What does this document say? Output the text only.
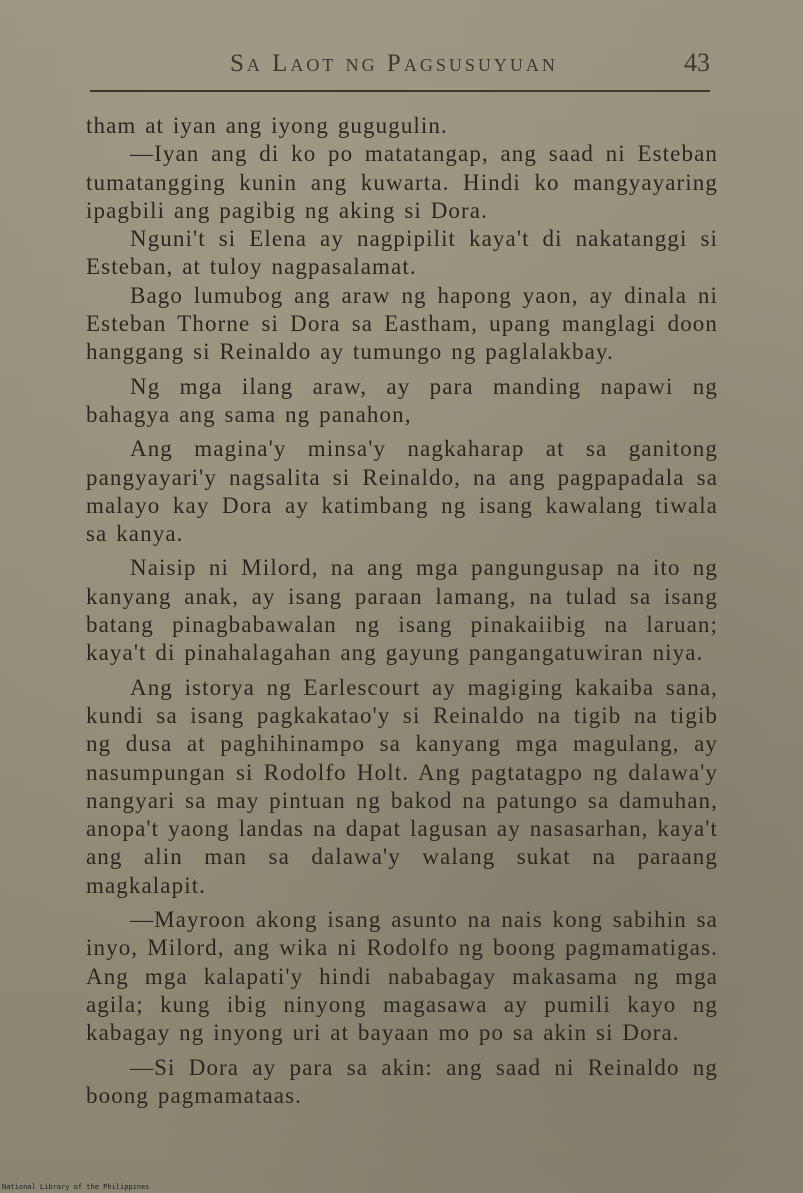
Sa Laot ng Pagsusuyuan	43

tham at iyan ang iyong gugugulin.

—Iyan ang di ko po matatangap, ang saad ni Esteban tumatangging kunin ang kuwarta. Hindi ko mangyayaring ipagbili ang pagibig ng aking si Dora.

Nguni't si Elena ay nagpipilit kaya't di nakatanggi si Esteban, at tuloy nagpasalamat.

Bago lumubog ang araw ng hapong yaon, ay dinala ni Esteban Thorne si Dora sa Eastham, upang manglagi doon hanggang si Reinaldo ay tumungo ng paglalakbay.

Ng mga ilang araw, ay para manding napawi ng bahagya ang sama ng panahon,

Ang magina'y minsa'y nagkaharap at sa ganitong pangyayari'y nagsalita si Reinaldo, na ang pagpapadala sa malayo kay Dora ay katimbang ng isang kawalang tiwala sa kanya.

Naisip ni Milord, na ang mga pangungusap na ito ng kanyang anak, ay isang paraan lamang, na tulad sa isang batang pinagbabawalan ng isang pinakaiibig na laruan; kaya't di pinahalagahan ang gayung pangangatuwiran niya.

Ang istorya ng Earlescourt ay magiging kakaiba sana, kundi sa isang pagkakatao'y si Reinaldo na tigib na tigib ng dusa at paghihinampo sa kanyang mga magulang, ay nasumpungan si Rodolfo Holt. Ang pagtatagpo ng dalawa'y nangyari sa may pintuan ng bakod na patungo sa damuhan, anopa't yaong landas na dapat lagusan ay nasasarhan, kaya't ang alin man sa dalawa'y walang sukat na paraang magkalapit.

—Mayroon akong isang asunto na nais kong sabihin sa inyo, Milord, ang wika ni Rodolfo ng boong pagmamatigas. Ang mga kalapati'y hindi nababagay makasama ng mga agila; kung ibig ninyong magasawa ay pumili kayo ng kabagay ng inyong uri at bayaan mo po sa akin si Dora.

—Si Dora ay para sa akin: ang saad ni Reinaldo ng boong pagmamataas.

National Library of the Philippines
